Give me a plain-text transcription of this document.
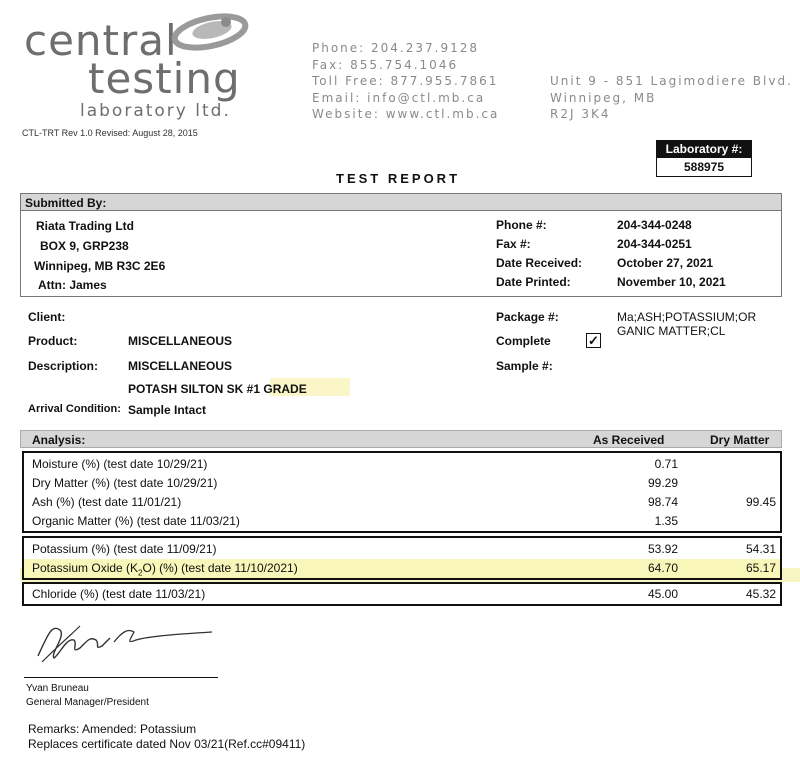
central
testing
laboratory ltd.
CTL-TRT Rev 1.0 Revised: August 28, 2015
Phone: 204.237.9128
Fax: 855.754.1046
Toll Free: 877.955.7861
Email: info@ctl.mb.ca
Website: www.ctl.mb.ca
Unit 9 - 851 Lagimodiere Blvd.
Winnipeg, MB
R2J 3K4
TEST REPORT
Laboratory #:
588975
Submitted By:
Riata Trading Ltd
BOX 9, GRP238
Winnipeg, MB R3C 2E6
Attn: James
Phone #:	204-344-0248
Fax #:	204-344-0251
Date Received:	October 27, 2021
Date Printed:	November 10, 2021
Client:
Product:	MISCELLANEOUS
Description: MISCELLANEOUS
POTASH SILTON SK #1 GRADE
Arrival Condition: Sample Intact
Package #:	Ma;ASH;POTASSIUM;OR
GANIC MATTER;CL
Complete	✓
Sample #:
Analysis:	As Received	Dry Matter
Moisture (%) (test date 10/29/21)	0.71
Dry Matter (%) (test date 10/29/21)	99.29
Ash (%) (test date 11/01/21)	98.74	99.45
Organic Matter (%) (test date 11/03/21)	1.35
Potassium (%) (test date 11/09/21)	53.92	54.31
Potassium Oxide $(K_2O)$ (%) (test date 11/10/2021)	64.70	65.17
Chloride (%) (test date 11/03/21)	45.00	45.32
Yvan Bruneau
General Manager/President
Remarks: Amended: Potassium
Replaces certificate dated Nov 03/21(Ref.cc#09411)
